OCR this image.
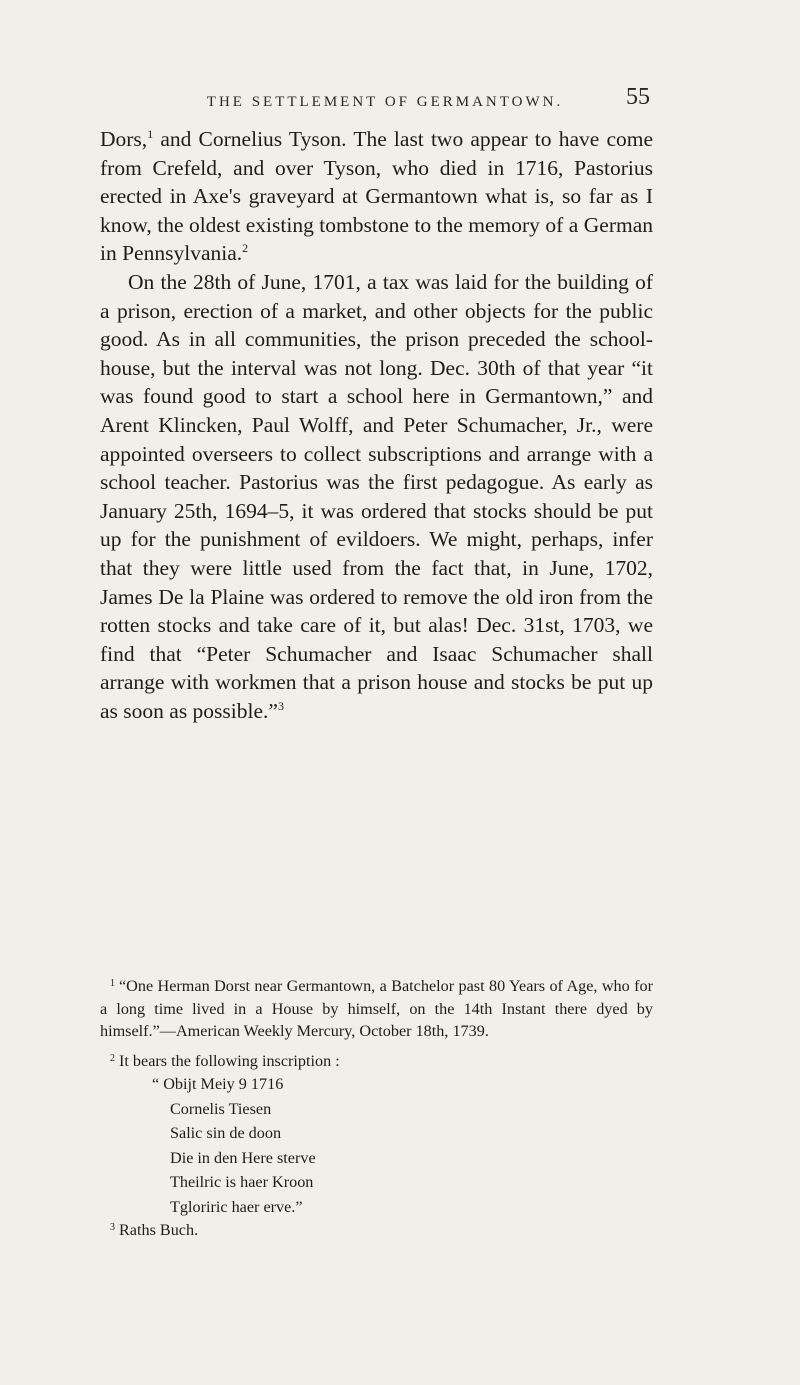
THE SETTLEMENT OF GERMANTOWN.	55

Dors,$^1$ and Cornelius Tyson. The last two appear to have come from Crefeld, and over Tyson, who died in 1716, Pastorius erected in Axe's graveyard at Germantown what is, so far as I know, the oldest existing tombstone to the memory of a German in Pennsylvania.$^2$

On the 28th of June, 1701, a tax was laid for the building of a prison, erection of a market, and other objects for the public good. As in all communities, the prison preceded the school-house, but the interval was not long. Dec. 30th of that year “it was found good to start a school here in Germantown,” and Arent Klincken, Paul Wolff, and Peter Schumacher, Jr., were appointed overseers to collect subscriptions and arrange with a school teacher. Pastorius was the first pedagogue. As early as January 25th, 1694–5, it was ordered that stocks should be put up for the punishment of evildoers. We might, perhaps, infer that they were little used from the fact that, in June, 1702, James De la Plaine was ordered to remove the old iron from the rotten stocks and take care of it, but alas! Dec. 31st, 1703, we find that “Peter Schumacher and Isaac Schumacher shall arrange with workmen that a prison house and stocks be put up as soon as possible.”$^3$

$^1$ “One Herman Dorst near Germantown, a Batchelor past 80 Years of Age, who for a long time lived in a House by himself, on the 14th Instant there dyed by himself.”—American Weekly Mercury, October 18th, 1739.

$^2$ It bears the following inscription :
“ Obijt Meiy 9 1716
Cornelis Tiesen
Salic sin de doon
Die in den Here sterve
Theilric is haer Kroon
Tgloriric haer erve.”

$^3$ Raths Buch.
